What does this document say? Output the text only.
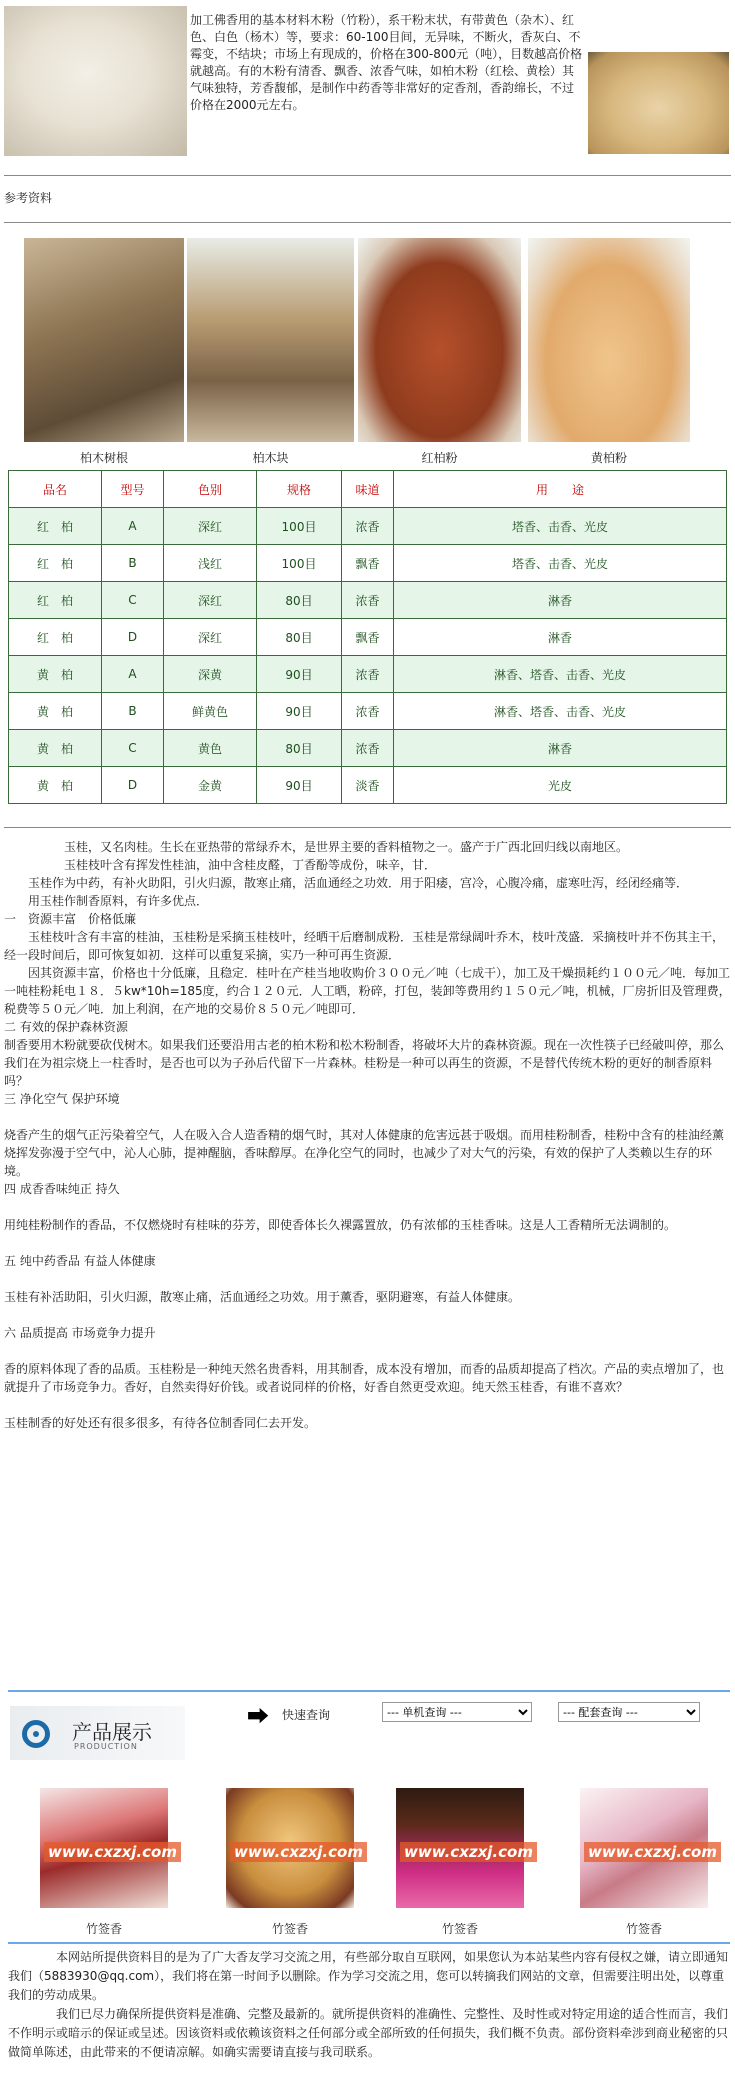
加工佛香用的基本材料木粉（竹粉），系干粉末状，有带黄色（杂木）、红色、白色（杨木）等，要求：60-100目间，无异味，不断火，香灰白、不霉变，不结块；市场上有现成的，价格在300-800元（吨），目数越高价格就越高。有的木粉有清香、飘香、浓香气味，如柏木粉（红桧、黄桧）其气味独特，芳香馥郁，是制作中药香等非常好的定香剂，香韵绵长，不过价格在2000元左右。
参考资料
柏木树根	柏木块	红柏粉	黄柏粉
品名	型号	色别	规格	味道	用　　途
红　柏	A	深红	100目	浓香	塔香、击香、光皮
红　柏	B	浅红	100目	飘香	塔香、击香、光皮
红　柏	C	深红	80目	浓香	淋香
红　柏	D	深红	80目	飘香	淋香
黄　柏	A	深黄	90目	浓香	淋香、塔香、击香、光皮
黄　柏	B	鲜黄色	90目	浓香	淋香、塔香、击香、光皮
黄　柏	C	黄色	80目	浓香	淋香
黄　柏	D	金黄	90目	淡香	光皮

　　　　　玉桂，又名肉桂。生长在亚热带的常绿乔木，是世界主要的香料植物之一。盛产于广西北回归线以南地区。

　　　　　玉桂枝叶含有挥发性桂油，油中含桂皮醛，丁香酚等成份，味辛，甘．

　　玉桂作为中药，有补火助阳，引火归源，散寒止痛，活血通经之功效．用于阳痿，宫冷，心腹冷痛，虚寒吐泻，经闭经痛等．

　　用玉桂作制香原料，有许多优点．

一　资源丰富　价格低廉

　　玉桂枝叶含有丰富的桂油，玉桂粉是采摘玉桂枝叶，经晒干后磨制成粉．玉桂是常绿阔叶乔木，枝叶茂盛．采摘枝叶并不伤其主干，经一段时间后，即可恢复如初．这样可以重复采摘，实乃一种可再生资源．

　　因其资源丰富，价格也十分低廉，且稳定．桂叶在产桂当地收购价３００元／吨（七成干），加工及干燥损耗约１００元／吨．每加工一吨桂粉耗电１８．５kw*10h=185度，约合１２０元．人工晒，粉碎，打包，装卸等费用约１５０元／吨，机械，厂房折旧及管理费，税费等５０元／吨．加上利润，在产地的交易价８５０元／吨即可．

二 有效的保护森林资源

制香要用木粉就要砍伐树木。如果我们还要沿用古老的柏木粉和松木粉制香，将破坏大片的森林资源。现在一次性筷子已经破叫停，那么我们在为祖宗烧上一柱香时，是否也可以为子孙后代留下一片森林。桂粉是一种可以再生的资源，不是替代传统木粉的更好的制香原料吗？

三 净化空气 保护环境

烧香产生的烟气正污染着空气，人在吸入合人造香精的烟气时，其对人体健康的危害远甚于吸烟。而用桂粉制香，桂粉中含有的桂油经薰烧挥发弥漫于空气中，沁人心肺，提神醒脑，香味醇厚。在净化空气的同时，也减少了对大气的污染，有效的保护了人类赖以生存的环境。

四 成香香味纯正 持久

用纯桂粉制作的香品，不仅燃烧时有桂味的芬芳，即使香体长久裸露置放，仍有浓郁的玉桂香味。这是人工香精所无法调制的。

五 纯中药香品 有益人体健康

玉桂有补活助阳，引火归源，散寒止痛，活血通经之功效。用于薰香，驱阴避寒，有益人体健康。

六 品质提高 市场竟争力提升

香的原料体现了香的品质。玉桂粉是一种纯天然名贵香料，用其制香，成本没有增加，而香的品质却提高了档次。产品的卖点增加了，也就提升了市场竞争力。香好，自然卖得好价钱。或者说同样的价格，好香自然更受欢迎。纯天然玉桂香，有谁不喜欢？

玉桂制香的好处还有很多很多，有待各位制香同仁去开发。

产品展示
PRODUCTION
⮕ 快速查询
--- 单机查询 ---
--- 配套查询 ---
www.cxzxj.com	www.cxzxj.com	www.cxzxj.com	www.cxzxj.com
竹签香	竹签香	竹签香	竹签香

本网站所提供资料目的是为了广大香友学习交流之用，有些部分取自互联网，如果您认为本站某些内容有侵权之嫌，请立即通知我们（5883930@qq.com），我们将在第一时间予以删除。作为学习交流之用，您可以转摘我们网站的文章，但需要注明出处，以尊重我们的劳动成果。

我们已尽力确保所提供资料是准确、完整及最新的。就所提供资料的准确性、完整性、及时性或对特定用途的适合性而言，我们不作明示或暗示的保证或呈述。因该资料或依赖该资料之任何部分或全部所致的任何损失，我们概不负责。部份资料牵涉到商业秘密的只做简单陈述，由此带来的不便请凉解。如确实需要请直接与我司联系。
